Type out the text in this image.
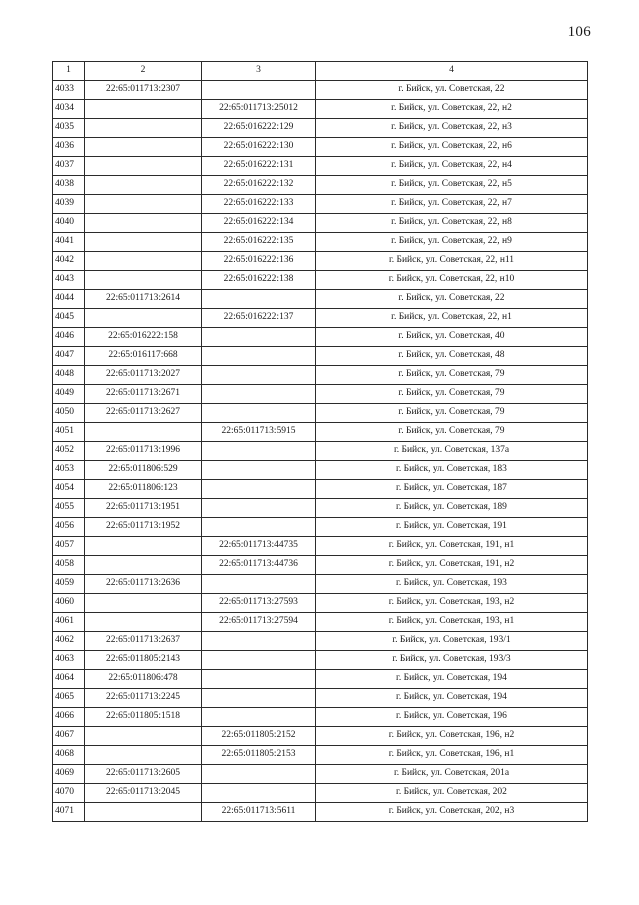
106
1	2	3	4
4033	22:65:011713:2307		г. Бийск, ул. Советская, 22
4034		22:65:011713:25012	г. Бийск, ул. Советская, 22, н2
4035		22:65:016222:129	г. Бийск, ул. Советская, 22, н3
4036		22:65:016222:130	г. Бийск, ул. Советская, 22, н6
4037		22:65:016222:131	г. Бийск, ул. Советская, 22, н4
4038		22:65:016222:132	г. Бийск, ул. Советская, 22, н5
4039		22:65:016222:133	г. Бийск, ул. Советская, 22, н7
4040		22:65:016222:134	г. Бийск, ул. Советская, 22, н8
4041		22:65:016222:135	г. Бийск, ул. Советская, 22, н9
4042		22:65:016222:136	г. Бийск, ул. Советская, 22, н11
4043		22:65:016222:138	г. Бийск, ул. Советская, 22, н10
4044	22:65:011713:2614		г. Бийск, ул. Советская, 22
4045		22:65:016222:137	г. Бийск, ул. Советская, 22, н1
4046	22:65:016222:158		г. Бийск, ул. Советская, 40
4047	22:65:016117:668		г. Бийск, ул. Советская, 48
4048	22:65:011713:2027		г. Бийск, ул. Советская, 79
4049	22:65:011713:2671		г. Бийск, ул. Советская, 79
4050	22:65:011713:2627		г. Бийск, ул. Советская, 79
4051		22:65:011713:5915	г. Бийск, ул. Советская, 79
4052	22:65:011713:1996		г. Бийск, ул. Советская, 137а
4053	22:65:011806:529		г. Бийск, ул. Советская, 183
4054	22:65:011806:123		г. Бийск, ул. Советская, 187
4055	22:65:011713:1951		г. Бийск, ул. Советская, 189
4056	22:65:011713:1952		г. Бийск, ул. Советская, 191
4057		22:65:011713:44735	г. Бийск, ул. Советская, 191, н1
4058		22:65:011713:44736	г. Бийск, ул. Советская, 191, н2
4059	22:65:011713:2636		г. Бийск, ул. Советская, 193
4060		22:65:011713:27593	г. Бийск, ул. Советская, 193, н2
4061		22:65:011713:27594	г. Бийск, ул. Советская, 193, н1
4062	22:65:011713:2637		г. Бийск, ул. Советская, 193/1
4063	22:65:011805:2143		г. Бийск, ул. Советская, 193/3
4064	22:65:011806:478		г. Бийск, ул. Советская, 194
4065	22:65:011713:2245		г. Бийск, ул. Советская, 194
4066	22:65:011805:1518		г. Бийск, ул. Советская, 196
4067		22:65:011805:2152	г. Бийск, ул. Советская, 196, н2
4068		22:65:011805:2153	г. Бийск, ул. Советская, 196, н1
4069	22:65:011713:2605		г. Бийск, ул. Советская, 201а
4070	22:65:011713:2045		г. Бийск, ул. Советская, 202
4071		22:65:011713:5611	г. Бийск, ул. Советская, 202, н3
